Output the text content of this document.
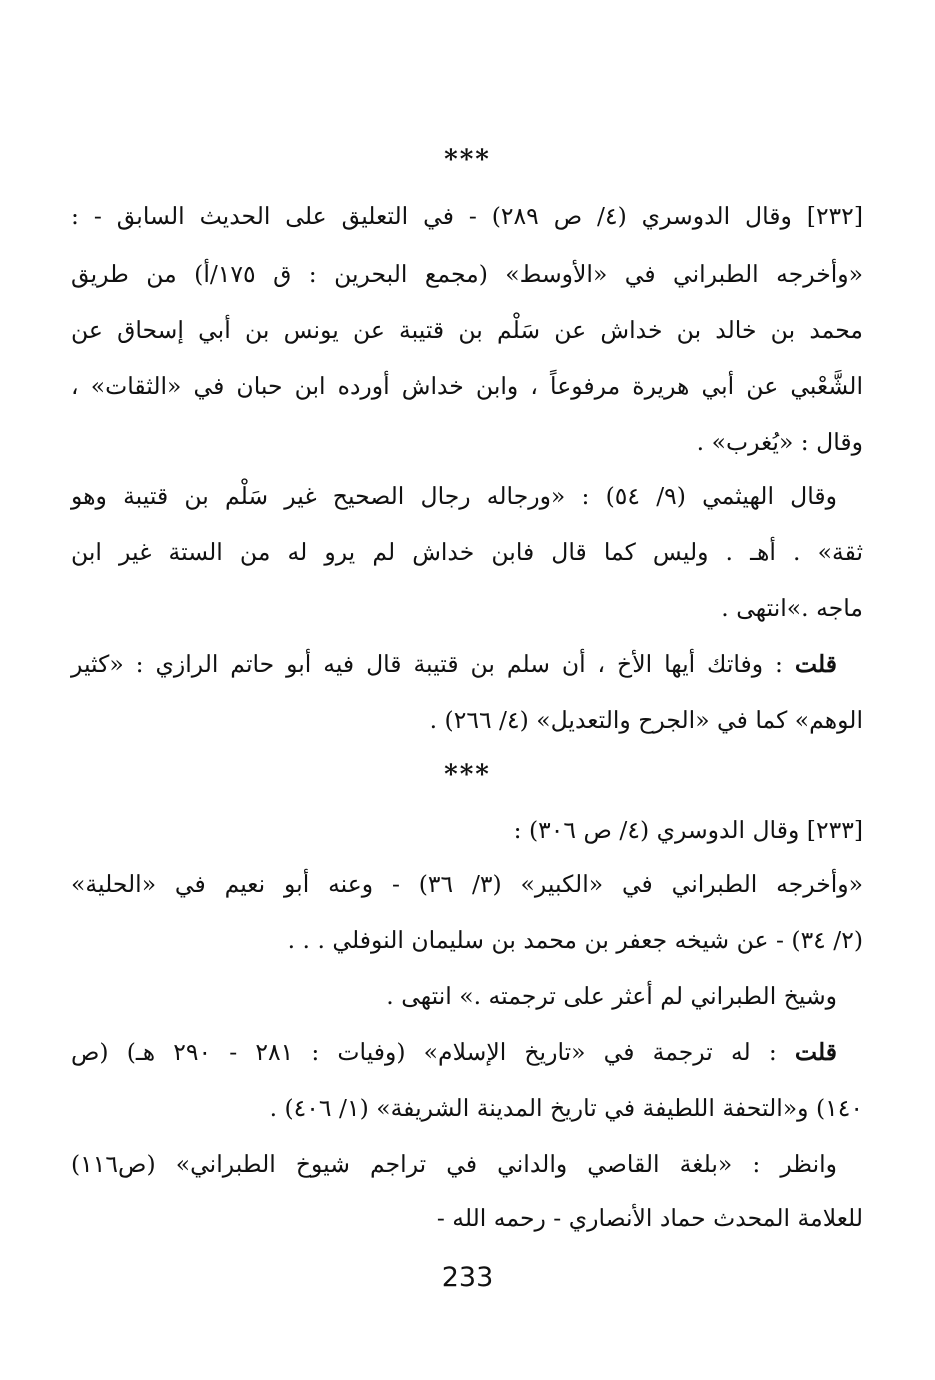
***
[٢٣٢] وقال الدوسري (٤/ ص ٢٨٩) - في التعليق على الحديث السابق - :
«وأخرجه الطبراني في «الأوسط» (مجمع البحرين : ق ١٧٥/أ) من طريق
محمد بن خالد بن خداش عن سَلْم بن قتيبة عن يونس بن أبي إسحاق عن
الشَّعْبي عن أبي هريرة مرفوعاً ، وابن خداش أورده ابن حبان في «الثقات» ،
وقال : «يُغرب» .
وقال الهيثمي (٩/ ٥٤) : «ورجاله رجال الصحيح غير سَلْم بن قتيبة وهو
ثقة» . أهـ . وليس كما قال فابن خداش لم يرو له من الستة غير ابن
ماجه .»انتهى .
قلت : وفاتك أيها الأخ ، أن سلم بن قتيبة قال فيه أبو حاتم الرازي : «كثير
الوهم» كما في «الجرح والتعديل» (٤/ ٢٦٦) .
***
[٢٣٣] وقال الدوسري (٤/ ص ٣٠٦) :
«وأخرجه الطبراني في «الكبير» (٣/ ٣٦) - وعنه أبو نعيم في «الحلية»
(٢/ ٣٤) - عن شيخه جعفر بن محمد بن سليمان النوفلي . . .
وشيخ الطبراني لم أعثر على ترجمته .» انتهى .
قلت : له ترجمة في «تاريخ الإسلام» (وفيات : ٢٨١ - ٢٩٠ هـ) (ص
١٤٠) و«التحفة اللطيفة في تاريخ المدينة الشريفة» (١/ ٤٠٦) .
وانظر : «بلغة القاصي والداني في تراجم شيوخ الطبراني» (ص١١٦)
للعلامة المحدث حماد الأنصاري - رحمه الله -
233
